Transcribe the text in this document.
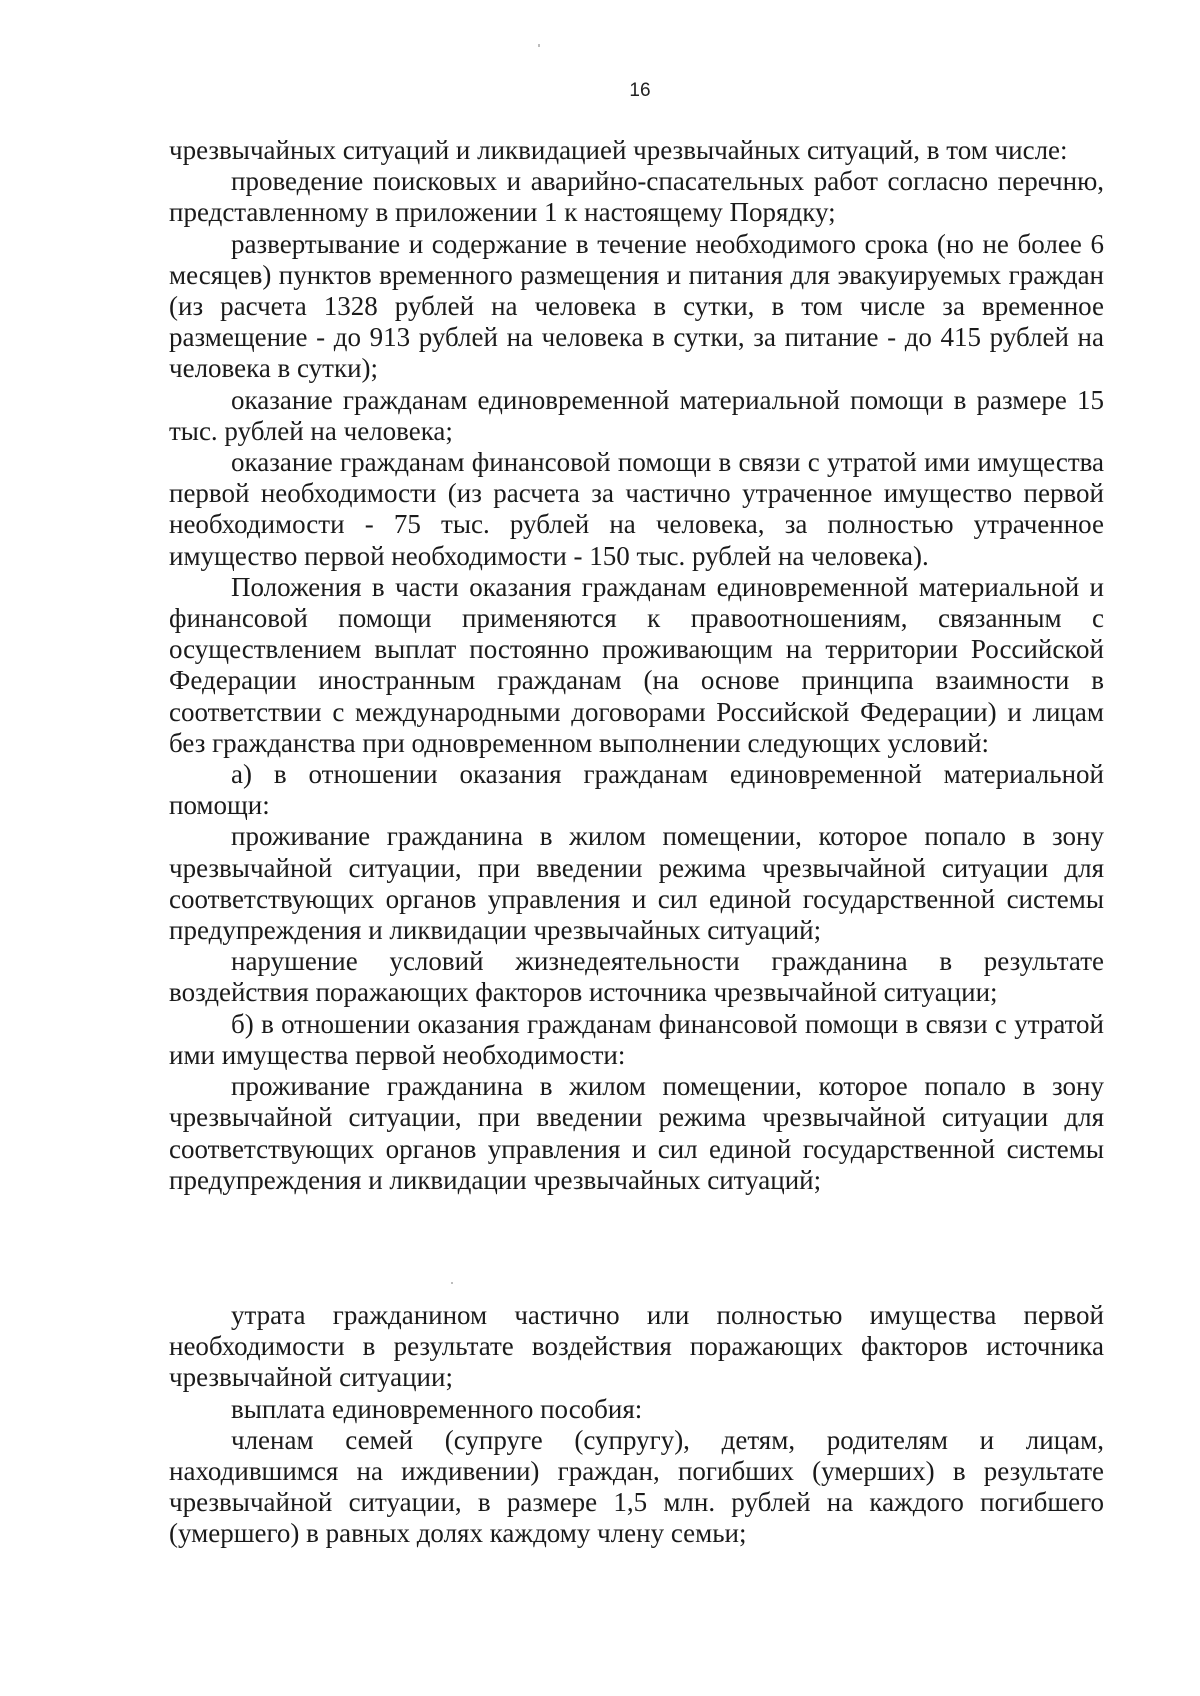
16

чрезвычайных ситуаций и ликвидацией чрезвычайных ситуаций, в том числе:

проведение поисковых и аварийно-спасательных работ согласно перечню, представленному в приложении 1 к настоящему Порядку;

развертывание и содержание в течение необходимого срока (но не более 6 месяцев) пунктов временного размещения и питания для эвакуируемых граждан (из расчета 1328 рублей на человека в сутки, в том числе за временное размещение - до 913 рублей на человека в сутки, за питание - до 415 рублей на человека в сутки);

оказание гражданам единовременной материальной помощи в размере 15 тыс. рублей на человека;

оказание гражданам финансовой помощи в связи с утратой ими имущества первой необходимости (из расчета за частично утраченное имущество первой необходимости - 75 тыс. рублей на человека, за полностью утраченное имущество первой необходимости - 150 тыс. рублей на человека).

Положения в части оказания гражданам единовременной материальной и финансовой помощи применяются к правоотношениям, связанным с осуществлением выплат постоянно проживающим на территории Российской Федерации иностранным гражданам (на основе принципа взаимности в соответствии с международными договорами Российской Федерации) и лицам без гражданства при одновременном выполнении следующих условий:

а) в отношении оказания гражданам единовременной материальной помощи:

проживание гражданина в жилом помещении, которое попало в зону чрезвычайной ситуации, при введении режима чрезвычайной ситуации для соответствующих органов управления и сил единой государственной системы предупреждения и ликвидации чрезвычайных ситуаций;

нарушение условий жизнедеятельности гражданина в результате воздействия поражающих факторов источника чрезвычайной ситуации;

б) в отношении оказания гражданам финансовой помощи в связи с утратой ими имущества первой необходимости:

проживание гражданина в жилом помещении, которое попало в зону чрезвычайной ситуации, при введении режима чрезвычайной ситуации для соответствующих органов управления и сил единой государственной системы предупреждения и ликвидации чрезвычайных ситуаций;

утрата гражданином частично или полностью имущества первой необходимости в результате воздействия поражающих факторов источника чрезвычайной ситуации;

выплата единовременного пособия:

членам семей (супруге (супругу), детям, родителям и лицам, находившимся на иждивении) граждан, погибших (умерших) в результате чрезвычайной ситуации, в размере 1,5 млн. рублей на каждого погибшего (умершего) в равных долях каждому члену семьи;
